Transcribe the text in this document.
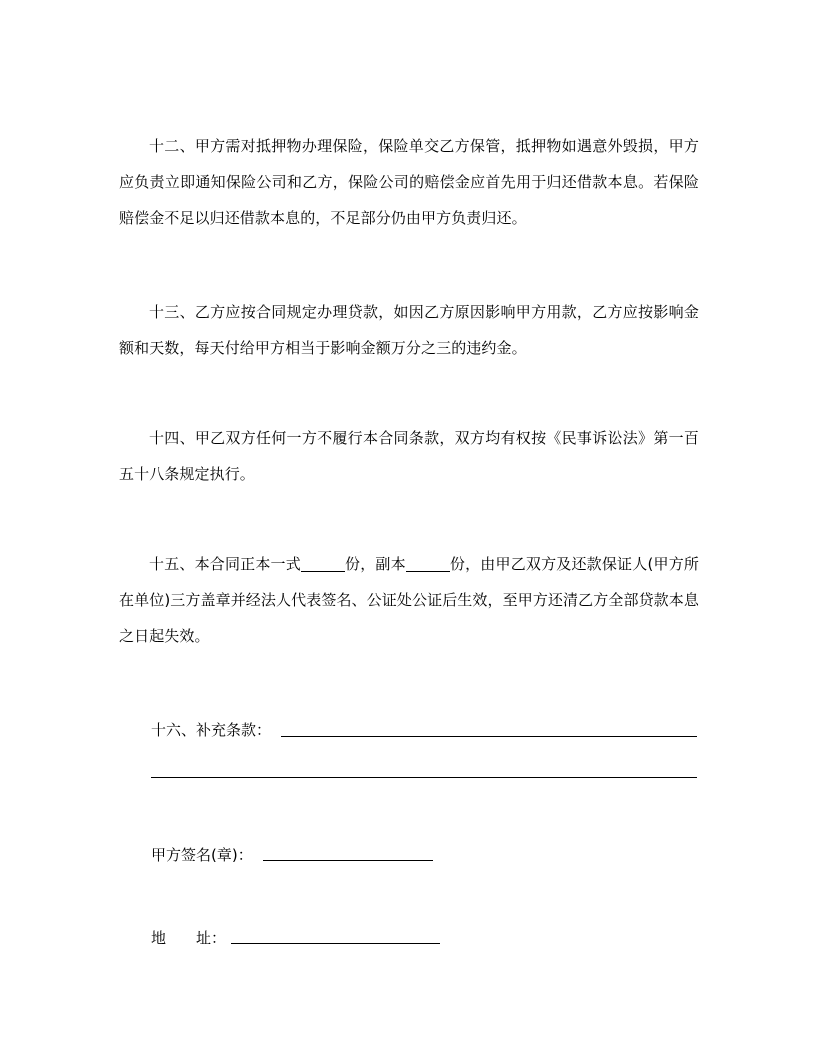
十二、甲方需对抵押物办理保险，保险单交乙方保管，抵押物如遇意外毁损，甲方应负责立即通知保险公司和乙方，保险公司的赔偿金应首先用于归还借款本息。若保险赔偿金不足以归还借款本息的，不足部分仍由甲方负责归还。

十三、乙方应按合同规定办理贷款，如因乙方原因影响甲方用款，乙方应按影响金额和天数，每天付给甲方相当于影响金额万分之三的违约金。

十四、甲乙双方任何一方不履行本合同条款，双方均有权按《民事诉讼法》第一百五十八条规定执行。

十五、本合同正本一式	份，副本	份，由甲乙双方及还款保证人(甲方所在单位)三方盖章并经法人代表签名、公证处公证后生效，至甲方还清乙方全部贷款本息之日起失效。

十六、补充条款：
甲方签名(章)：
地 址：
